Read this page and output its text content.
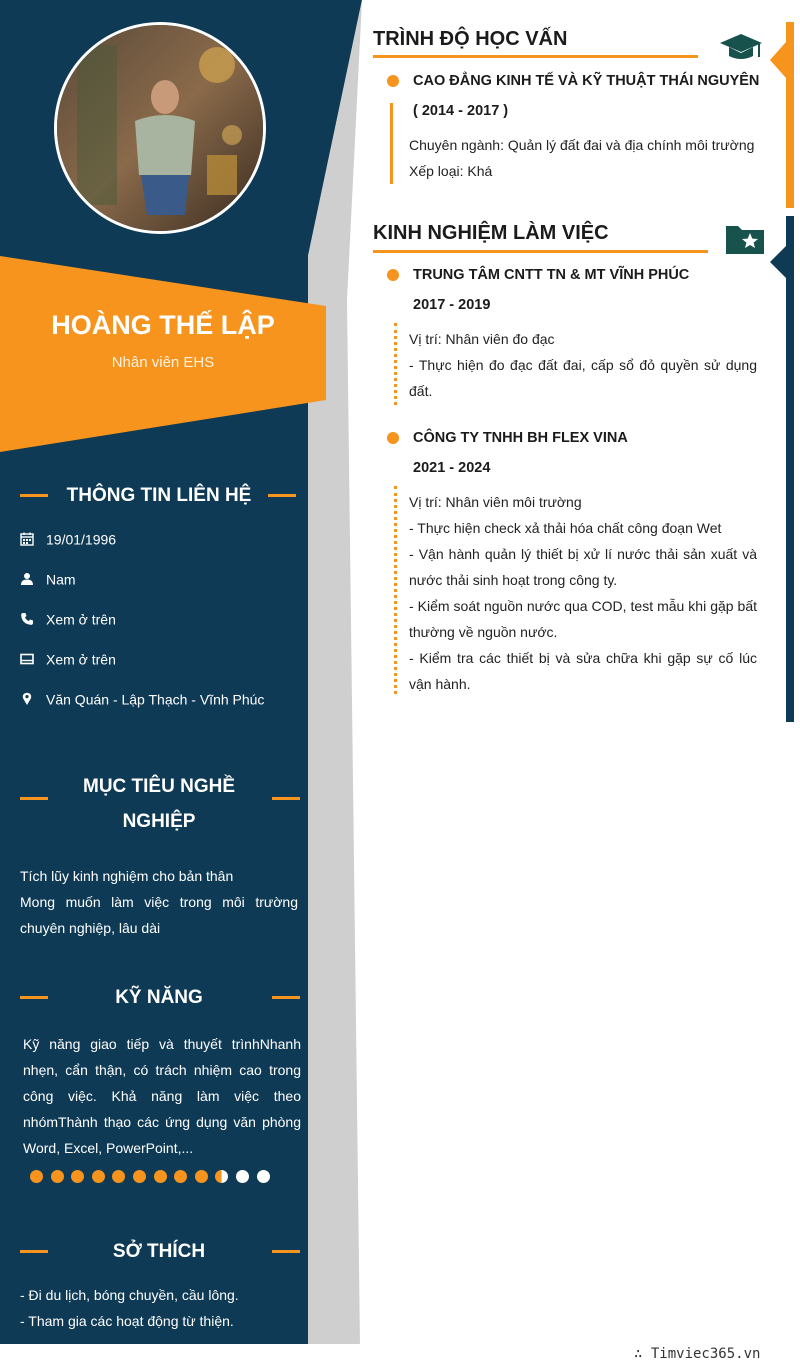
HOÀNG THẾ LẬP
Nhân viên EHS
THÔNG TIN LIÊN HỆ
19/01/1996
Nam
Xem ở trên
Xem ở trên
Văn Quán - Lập Thạch - Vĩnh Phúc
MỤC TIÊU NGHỀ
NGHIỆP
Tích lũy kinh nghiệm cho bản thân
Mong muốn làm việc trong môi trường chuyên nghiệp, lâu dài
KỸ NĂNG
Kỹ năng giao tiếp và thuyết trìnhNhanh nhẹn, cẩn thận, có trách nhiệm cao trong công việc. Khả năng làm việc theo nhómThành thạo các ứng dụng văn phòng Word, Excel, PowerPoint,...
SỞ THÍCH
- Đi du lịch, bóng chuyền, cầu lông.
- Tham gia các hoạt động từ thiện.
TRÌNH ĐỘ HỌC VẤN
CAO ĐẲNG KINH TẾ VÀ KỸ THUẬT THÁI NGUYÊN
( 2014 - 2017 )
Chuyên ngành: Quản lý đất đai và địa chính môi trường
Xếp loại: Khá
KINH NGHIỆM LÀM VIỆC
TRUNG TÂM CNTT TN & MT VĨNH PHÚC
2017 - 2019
Vị trí: Nhân viên đo đạc
- Thực hiện đo đạc đất đai, cấp sổ đỏ quyền sử dụng đất.
CÔNG TY TNHH BH FLEX VINA
2021 - 2024
Vị trí: Nhân viên môi trường
- Thực hiện check xả thải hóa chất công đoạn Wet
- Vận hành quản lý thiết bị xử lí nước thải sản xuất và nước thải sinh hoạt trong công ty.
- Kiểm soát nguồn nước qua COD, test mẫu khi gặp bất thường về nguồn nước.
- Kiểm tra các thiết bị và sửa chữa khi gặp sự cố lúc vận hành.
∴ Timviec365.vn
